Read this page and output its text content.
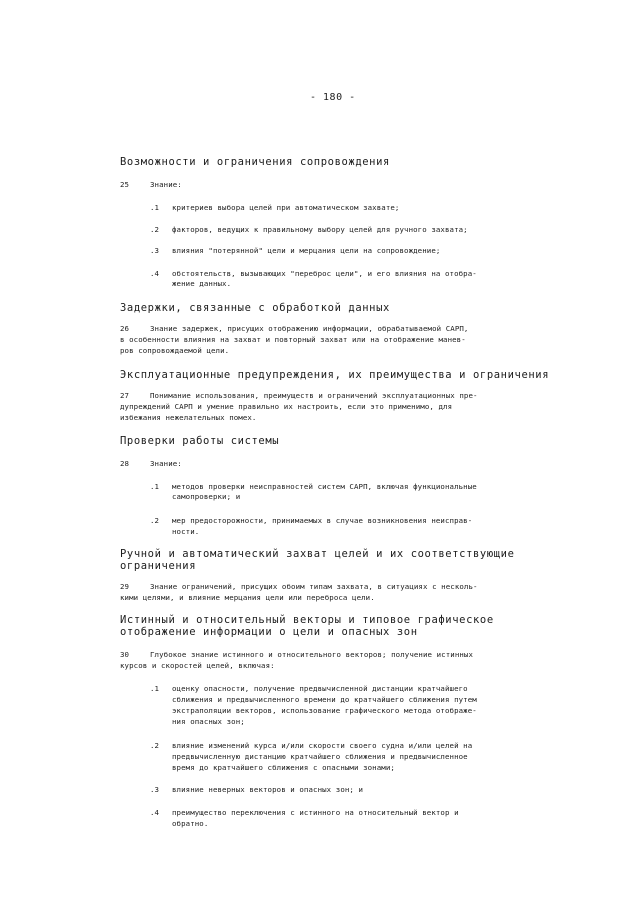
- 180 -
Возможности и ограничения сопровождения
25	Знание:
.1 критериев выбора целей при автоматическом захвате;
.2 факторов, ведущих к правильному выбору целей для ручного захвата;
.3 влияния "потерянной" цели и мерцания цели на сопровождение;
.4 обстоятельств, вызывающих "переброс цели", и его влияния на отобра-
жение данных.
Задержки, связанные с обработкой данных
26	Знание задержек, присущих отображению информации, обрабатываемой САРП,
в особенности влияния на захват и повторный захват или на отображение манев-
ров сопровождаемой цели.
Эксплуатационные предупреждения, их преимущества и ограничения
27	Понимание использования, преимуществ и ограничений эксплуатационных пре-
дупреждений САРП и умение правильно их настроить, если это применимо, для
избежания нежелательных помех.
Проверки работы системы
28	Знание:
.1 методов проверки неисправностей систем САРП, включая функциональные
самопроверки; и
.2 мер предосторожности, принимаемых в случае возникновения неисправ-
ности.
Ручной и автоматический захват целей и их соответствующие
ограничения
29	Знание ограничений, присущих обоим типам захвата, в ситуациях с несколь-
кими целями, и влияние мерцания цели или переброса цели.
Истинный и относительный векторы и типовое графическое
отображение информации о цели и опасных зон
30	Глубокое знание истинного и относительного векторов; получение истинных
курсов и скоростей целей, включая:
.1 оценку опасности, получение предвычисленной дистанции кратчайшего
сближения и предвычисленного времени до кратчайшего сближения путем
экстраполяции векторов, использование графического метода отображе-
ния опасных зон;
.2 влияние изменений курса и/или скорости своего судна и/или целей на
предвычисленную дистанцию кратчайшего сближения и предвычисленное
время до кратчайшего сближения с опасными зонами;
.3 влияние неверных векторов и опасных зон; и
.4 преимущество переключения с истинного на относительный вектор и
обратно.
